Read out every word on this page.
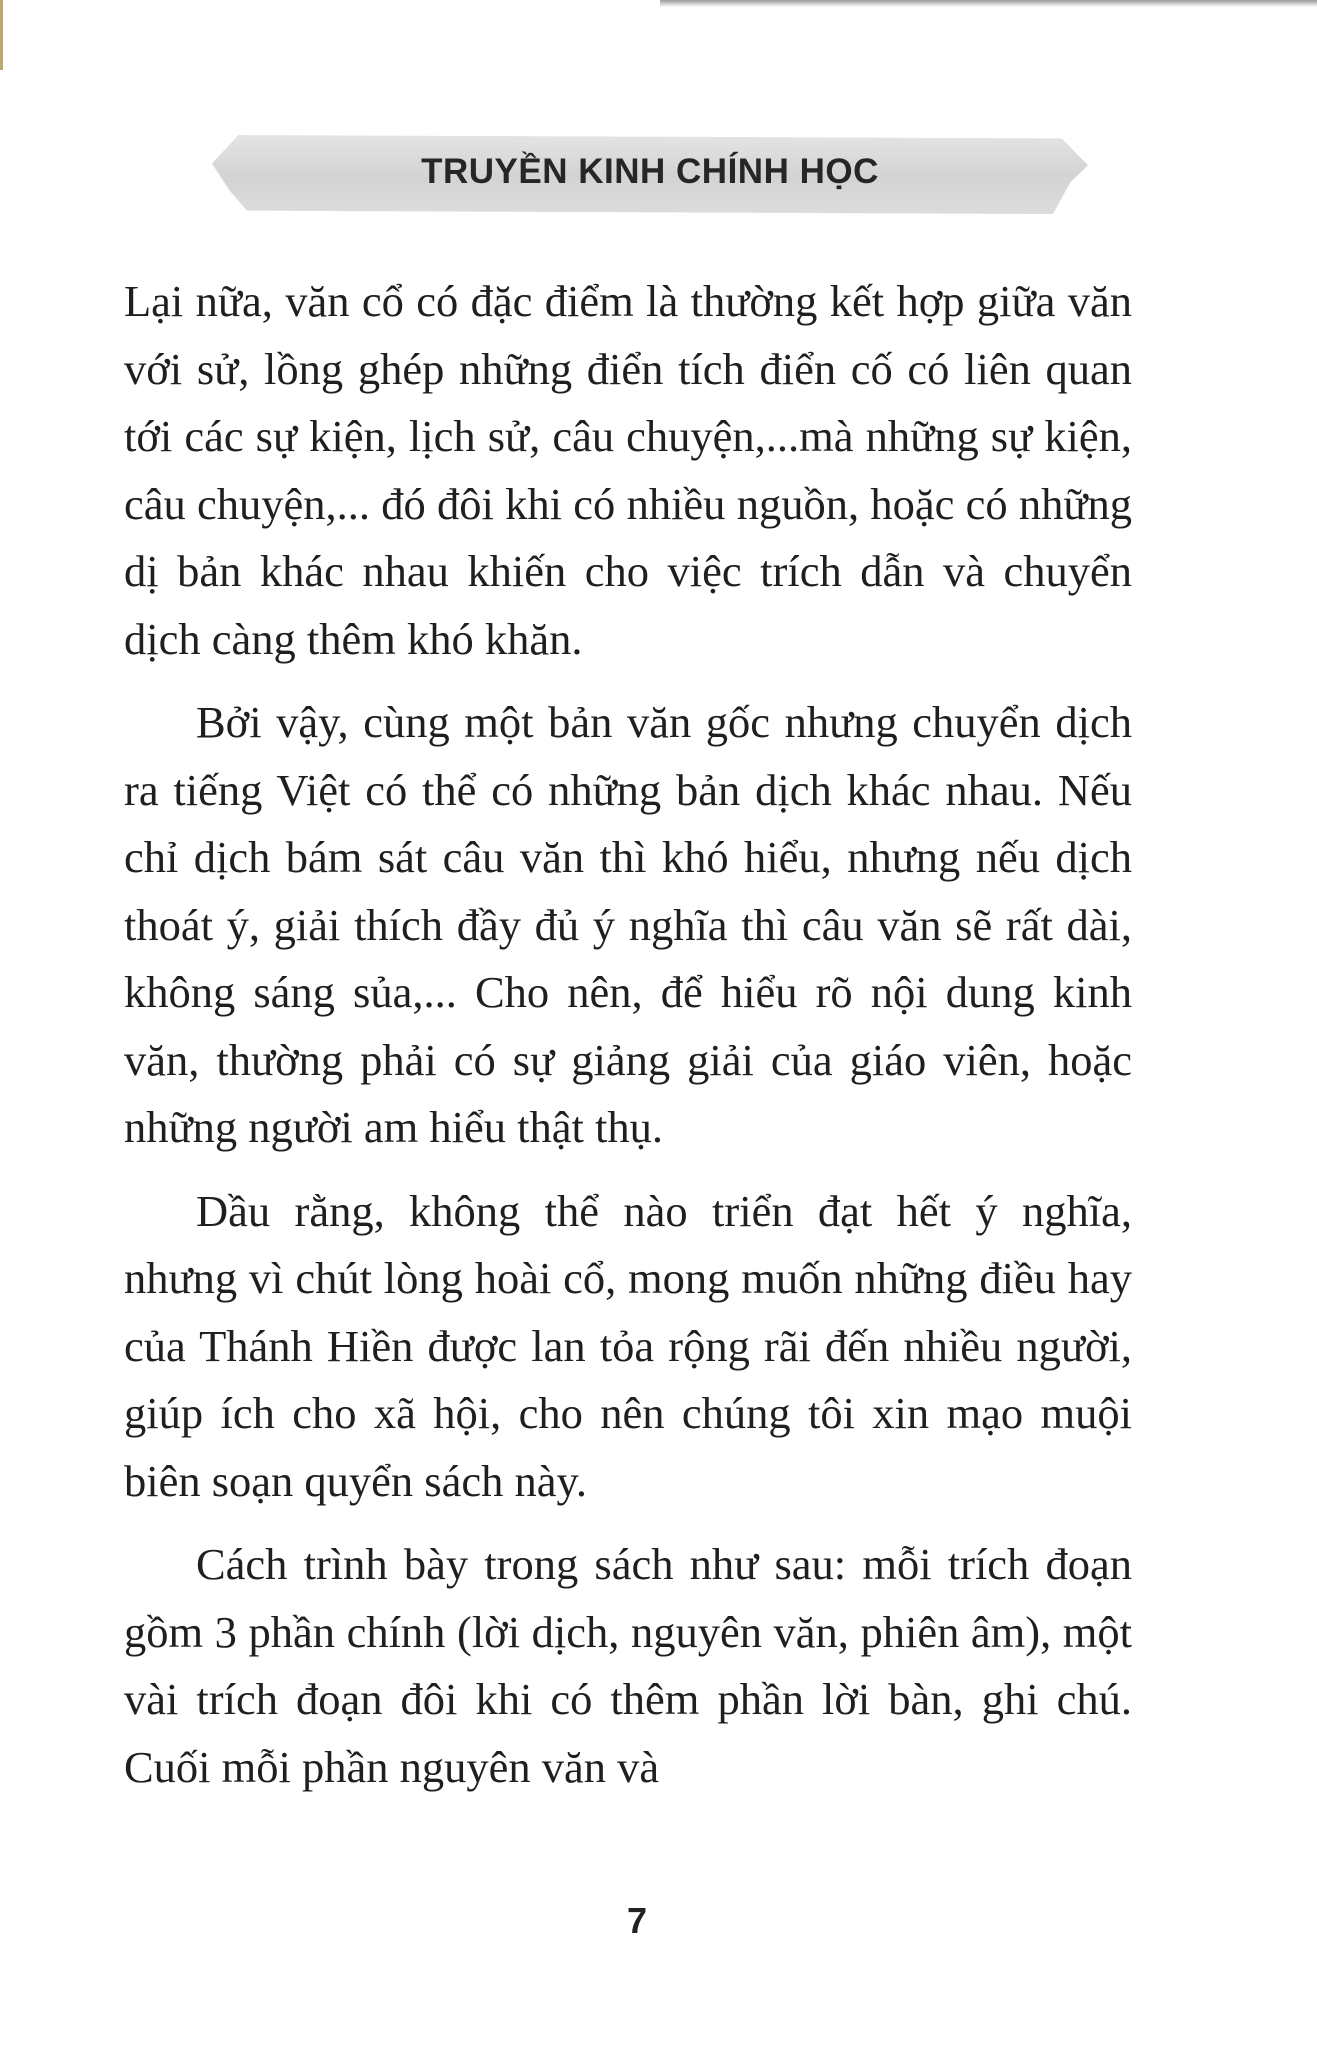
TRUYỀN KINH CHÍNH HỌC

Lại nữa, văn cổ có đặc điểm là thường kết hợp giữa văn với sử, lồng ghép những điển tích điển cố có liên quan tới các sự kiện, lịch sử, câu chuyện,...mà những sự kiện, câu chuyện,... đó đôi khi có nhiều nguồn, hoặc có những dị bản khác nhau khiến cho việc trích dẫn và chuyển dịch càng thêm khó khăn.

Bởi vậy, cùng một bản văn gốc nhưng chuyển dịch ra tiếng Việt có thể có những bản dịch khác nhau. Nếu chỉ dịch bám sát câu văn thì khó hiểu, nhưng nếu dịch thoát ý, giải thích đầy đủ ý nghĩa thì câu văn sẽ rất dài, không sáng sủa,... Cho nên, để hiểu rõ nội dung kinh văn, thường phải có sự giảng giải của giáo viên, hoặc những người am hiểu thật thụ.

Dầu rằng, không thể nào triển đạt hết ý nghĩa, nhưng vì chút lòng hoài cổ, mong muốn những điều hay của Thánh Hiền được lan tỏa rộng rãi đến nhiều người, giúp ích cho xã hội, cho nên chúng tôi xin mạo muội biên soạn quyển sách này.

Cách trình bày trong sách như sau: mỗi trích đoạn gồm 3 phần chính (lời dịch, nguyên văn, phiên âm), một vài trích đoạn đôi khi có thêm phần lời bàn, ghi chú. Cuối mỗi phần nguyên văn và

7
